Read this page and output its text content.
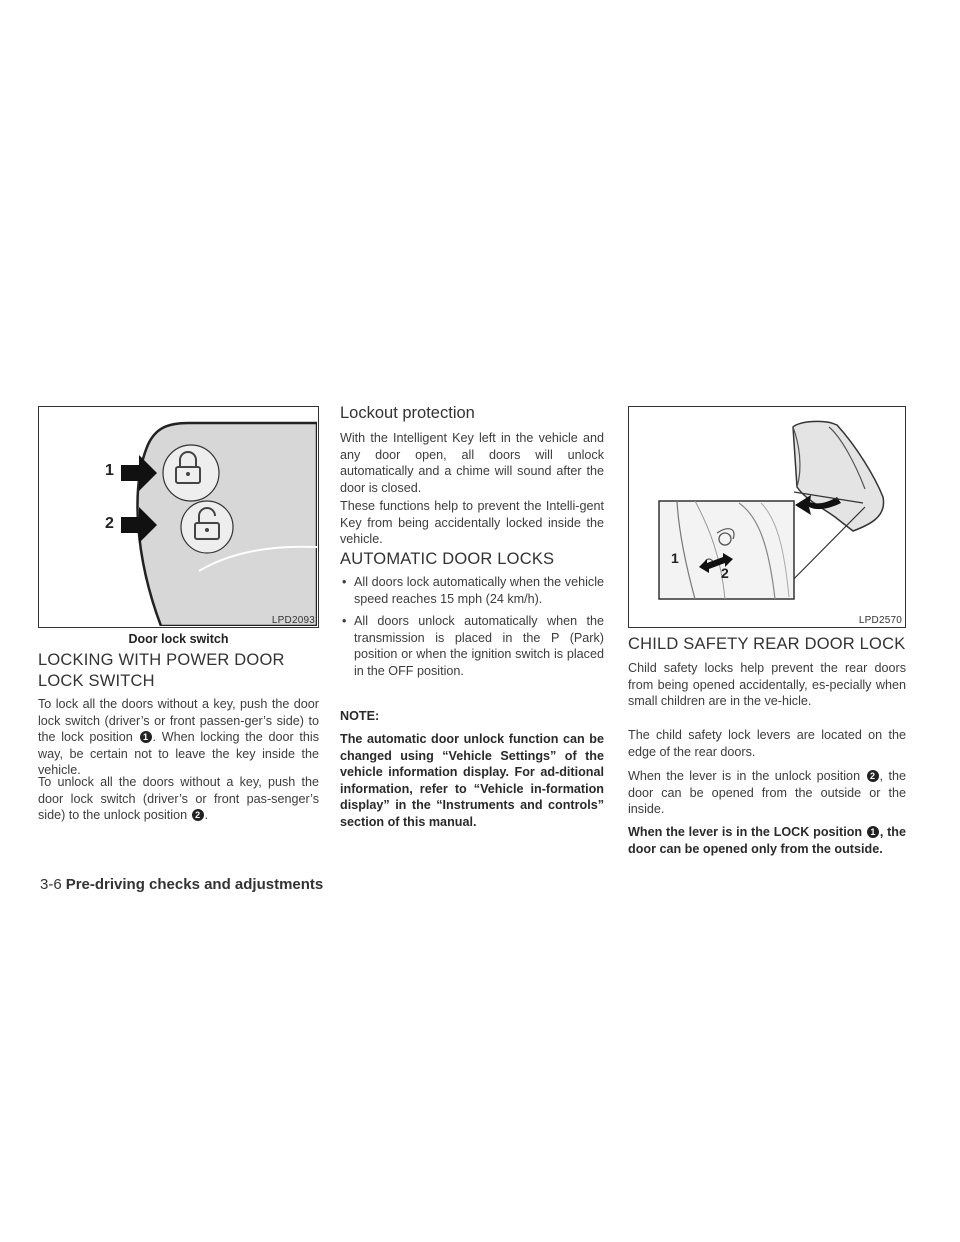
1
2
LPD2093
Door lock switch
LOCKING WITH POWER DOOR
LOCK SWITCH

To lock all the doors without a key, push the door lock switch (driver’s or front passen-ger’s side) to the lock position 1 . When locking the door this way, be certain not to leave the key inside the vehicle.

To unlock all the doors without a key, push the door lock switch (driver’s or front pas-senger’s side) to the unlock position 2 .

Lockout protection

With the Intelligent Key left in the vehicle and any door open, all doors will unlock automatically and a chime will sound after the door is closed.

These functions help to prevent the Intelli-gent Key from being accidentally locked inside the vehicle.

AUTOMATIC DOOR LOCKS
• All doors lock automatically when the vehicle speed reaches 15 mph (24 km/h).
• All doors unlock automatically when the transmission is placed in the P (Park) position or when the ignition switch is placed in the OFF position.

NOTE:

The automatic door unlock function can be changed using “Vehicle Settings” of the vehicle information display. For ad-ditional information, refer to “Vehicle in-formation display” in the “Instruments and controls” section of this manual.

1
2
LPD2570
CHILD SAFETY REAR DOOR LOCK

Child safety locks help prevent the rear doors from being opened accidentally, es-pecially when small children are in the ve-hicle.

The child safety lock levers are located on the edge of the rear doors.

When the lever is in the unlock position 2 , the door can be opened from the outside or the inside.

When the lever is in the LOCK position 1 , the door can be opened only from the outside.

3-6 Pre-driving checks and adjustments
